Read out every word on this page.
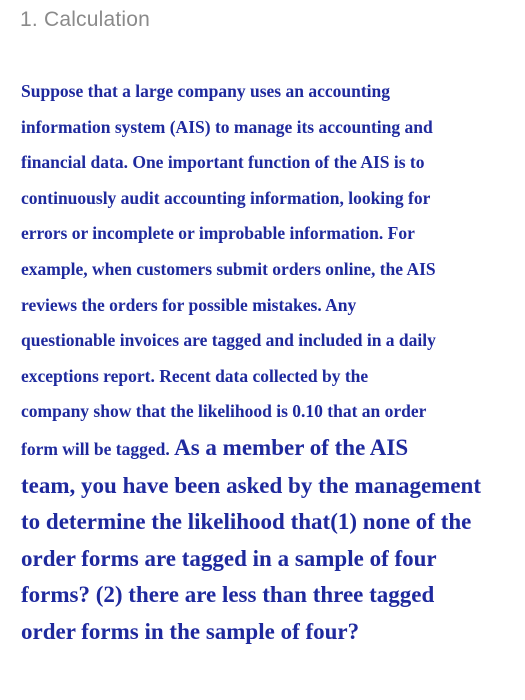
1. Calculation
Suppose that a large company uses an accounting
information system (AIS) to manage its accounting and
financial data. One important function of the AIS is to
continuously audit accounting information, looking for
errors or incomplete or improbable information. For
example, when customers submit orders online, the AIS
reviews the orders for possible mistakes. Any
questionable invoices are tagged and included in a daily
exceptions report. Recent data collected by the
company show that the likelihood is 0.10 that an order
form will be tagged. As a member of the AIS
team, you have been asked by the management
to determine the likelihood that(1) none of the
order forms are tagged in a sample of four
forms? (2) there are less than three tagged
order forms in the sample of four?
